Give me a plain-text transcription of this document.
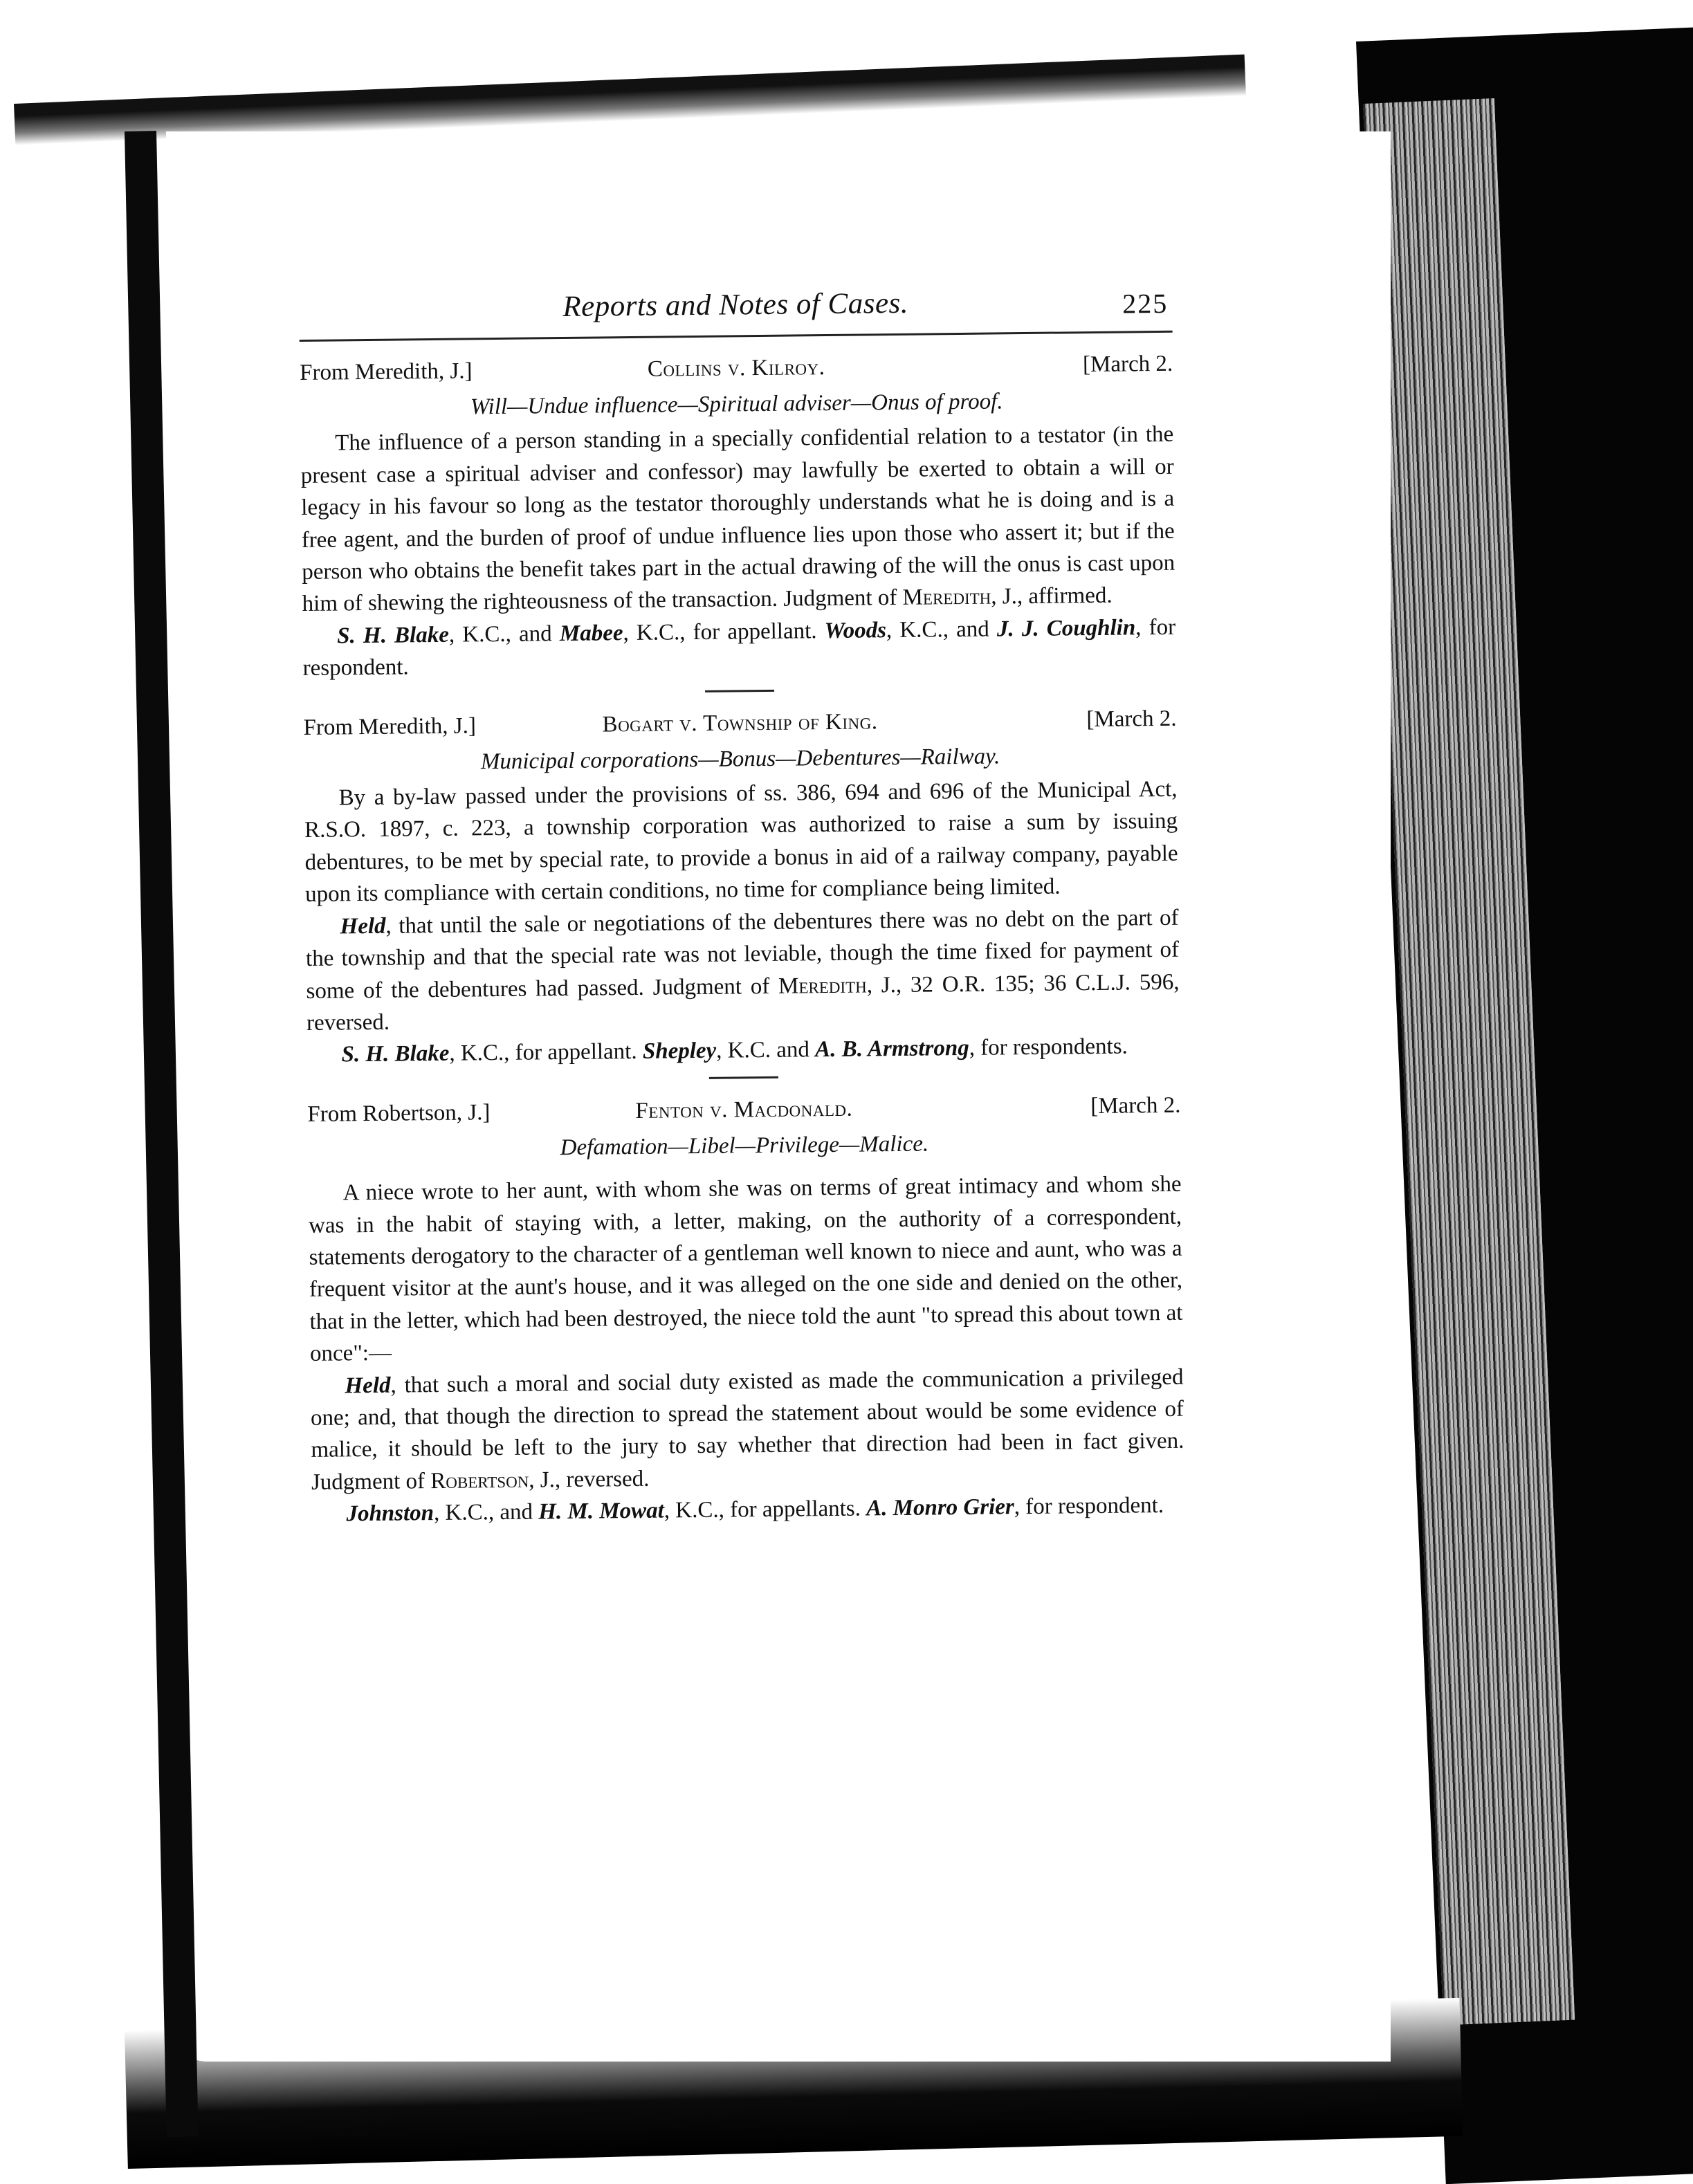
Reports and Notes of Cases.	225
From Meredith, J.]	Collins v. Kilroy.	[March 2.

Will—Undue influence—Spiritual adviser—Onus of proof.

The influence of a person standing in a specially confidential relation to a testator (in the present case a spiritual adviser and confessor) may lawfully be exerted to obtain a will or legacy in his favour so long as the testator thoroughly understands what he is doing and is a free agent, and the burden of proof of undue influence lies upon those who assert it; but if the person who obtains the benefit takes part in the actual drawing of the will the onus is cast upon him of shewing the righteousness of the transaction. Judgment of Meredith, J., affirmed.

S. H. Blake, K.C., and Mabee, K.C., for appellant. Woods, K.C., and J. J. Coughlin, for respondent.

From Meredith, J.]	Bogart v. Township of King.	[March 2.

Municipal corporations—Bonus—Debentures—Railway.

By a by-law passed under the provisions of ss. 386, 694 and 696 of the Municipal Act, R.S.O. 1897, c. 223, a township corporation was authorized to raise a sum by issuing debentures, to be met by special rate, to provide a bonus in aid of a railway company, payable upon its compliance with certain conditions, no time for compliance being limited.

Held, that until the sale or negotiations of the debentures there was no debt on the part of the township and that the special rate was not leviable, though the time fixed for payment of some of the debentures had passed. Judgment of Meredith, J., 32 O.R. 135; 36 C.L.J. 596, reversed.

S. H. Blake, K.C., for appellant. Shepley, K.C. and A. B. Armstrong, for respondents.

From Robertson, J.]	Fenton v. Macdonald.	[March 2.

Defamation—Libel—Privilege—Malice.

A niece wrote to her aunt, with whom she was on terms of great intimacy and whom she was in the habit of staying with, a letter, making, on the authority of a correspondent, statements derogatory to the character of a gentleman well known to niece and aunt, who was a frequent visitor at the aunt's house, and it was alleged on the one side and denied on the other, that in the letter, which had been destroyed, the niece told the aunt "to spread this about town at once":—

Held, that such a moral and social duty existed as made the communication a privileged one; and, that though the direction to spread the statement about would be some evidence of malice, it should be left to the jury to say whether that direction had been in fact given. Judgment of Robertson, J., reversed.

Johnston, K.C., and H. M. Mowat, K.C., for appellants. A. Monro Grier, for respondent.
